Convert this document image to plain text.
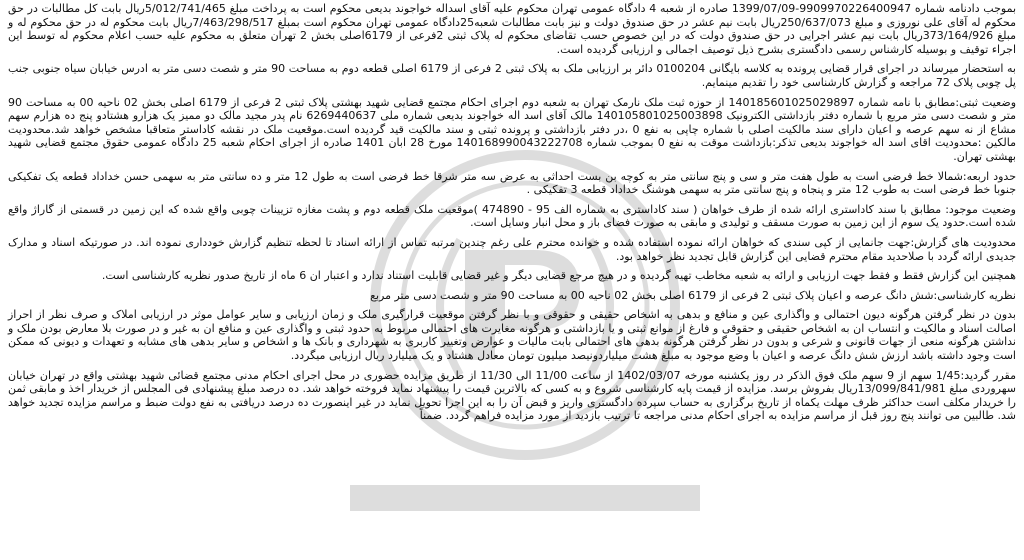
بموجب دادنامه شماره 9909970226400947-1399/07/09 صادره از شعبه 4 دادگاه عمومی تهران محکوم علیه آقای اسداله خواجوند بدیعی محکوم است به پرداخت مبلغ 5/012/741/465ریال بابت کل مطالبات در حق محکوم له آقای علی نوروزی و مبلغ 250/637/073ریال بابت نیم عشر در حق صندوق دولت و نیز بابت مطالبات شعبه25دادگاه عمومی تهران محکوم است بمبلغ 7/463/298/517ریال بابت محکوم له در حق محکوم له و مبلغ 373/164/926ریال بابت نیم عشر اجرایی در حق صندوق دولت که در این خصوص حسب تقاضای محکوم له پلاک ثبتی 2فرعی از 6179اصلی بخش 2 تهران متعلق به محکوم علیه حسب اعلام محکوم له توسط این اجراء توقیف و بوسیله کارشناس رسمی دادگستری بشرح ذیل توصیف اجمالی و ارزیابی گردیده است.

به استحضار میرساند در اجرای قرار قضایی پرونده به کلاسه بایگانی 0100204 دائر بر ارزیابی ملک به پلاک ثبتی 2 فرعی از 6179 اصلی قطعه دوم به مساحت 90 متر و شصت دسی متر به ادرس خیابان سیاه جنوبی جنب پل چوبی پلاک 72 مراجعه و گزارش کارشناسی خود را تقدیم مینمایم.

وضعیت ثبتی:مطابق با نامه شماره 140185601025029897 از حوزه ثبت ملک نارمک تهران به شعبه دوم اجرای احکام مجتمع قضایی شهید بهشتی پلاک ثبتی 2 فرعی از 6179 اصلی بخش 02 ناحیه 00 به مساحت 90 متر و شصت دسی متر مربع با شماره دفتر بازداشتی الکترونیک 140105801025003898 مالک آقای اسد اله خواجوند بدیعی شماره ملی 6269440637 نام پدر مجید مالک دو ممیز یک هزارو هشتادو پنج ده هزارم سهم مشاع از نه سهم عرصه و اعیان دارای سند مالکیت اصلی با شماره چاپی به نفع 0 ،در دفتر بازداشتی و پرونده ثبتی و سند مالکیت قید گردیده است.موقعیت ملک در نقشه کاداستر متعاقبا مشخص خواهد شد.محدودیت مالکین :محدودیت اقای اسد اله خواجوند بدیعی تذکر:بازداشت موقت به نفع 0 بموجب شماره 140168990043222708 مورخ 28 ابان 1401 صادره از اجرای احکام شعبه 25 دادگاه عمومی حقوق مجتمع قضایی شهید بهشتی تهران.

حدود اربعه:شمالا خط فرضی است به طول هفت متر و سی و پنج سانتی متر به کوچه بن بست احداثی به عرض سه متر شرقا خط فرضی است به طول 12 متر و ده سانتی متر به سهمی حسن خداداد قطعه یک تفکیکی جنوبا خط فرضی است به طوب 12 متر و پنجاه و پنج سانتی متر به سهمی هوشنگ خداداد قطعه 3 تفکیکی .

وضعیت موجود: مطابق با سند کاداستری ارائه شده از طرف خواهان ( سند کاداستری به شماره الف 95 - 474890 )موقعیت ملک قطعه دوم و پشت مغازه تزیینات چوبی واقع شده که این زمین در قسمتی از گاراژ واقع شده است.حدود یک سوم از این زمین به صورت مسقف و تولیدی و مابقی به صورت فضای باز و محل انبار وسایل است.

محدودیت های گزارش:جهت جانمایی از کپی سندی که خواهان ارائه نموده استفاده شده و خوانده محترم علی رغم چندین مرتبه تماس از ارائه اسناد تا لحظه تنظیم گزارش خودداری نموده اند. در صورتیکه اسناد و مدارک جدیدی ارائه گردد با صلاحدید مقام محترم قضایی این گزارش قابل تجدید نظر خواهد بود.

همچنین این گزارش فقط و فقط جهت ارزیابی و ارائه به شعبه مخاطب تهیه گردیده و در هیچ مرجع قضایی دیگر و غیر قضایی قابلیت استناد ندارد و اعتبار ان 6 ماه از تاریخ صدور نظریه کارشناسی است.

نظریه کارشناسی:شش دانگ عرصه و اعیان پلاک ثبتی 2 فرعی از 6179 اصلی بخش 02 ناحیه 00 به مساحت 90 متر و شصت دسی متر مربع

بدون در نظر گرفتن هرگونه دیون احتمالی و واگذاری عین و منافع و بدهی به اشخاص حقیقی و حقوقی و با نظر گرفتن موقعیت قرارگیری ملک و زمان ارزیابی و سایر عوامل موثر در ارزیابی املاک و صرف نظر از احراز اصالت اسناد و مالکیت و انتساب ان به اشخاص حقیقی و حقوقی و فارغ از موانع ثبتی و یا بازداشتی و هرگونه مغایرت های احتمالی مربوط به حدود ثبتی و واگذاری عین و منافع ان به غیر و در صورت بلا معارض بودن ملک و نداشتن هرگونه منعی از جهات قانونی و شرعی و بدون در نظر گرفتن هرگونه بدهی های احتمالی بابت مالیات و عوارض وتغییر کاربری به شهرداری و بانک ها و اشخاص و سایر بدهی های مشابه و تعهدات و دیونی که ممکن است وجود داشته باشد ارزش شش دانگ عرصه و اعیان با وضع موجود به مبلغ هشت میلیاردونیصد میلیون تومان معادل هشتاد و یک میلیارد ریال ارزیابی میگردد.

مقرر گردید:1/45 سهم از 9 سهم ملک فوق الذکر در روز یکشنبه مورخه 1402/03/07 از ساعت 11/00 الی 11/30 از طریق مزایده حضوری در محل اجرای احکام مدنی مجتمع قضائی شهید بهشتی واقع در تهران خیابان سهروردی مبلغ 13/099/841/981ریال بفروش برسد. مزایده از قیمت پایه کارشناسی شروع و به کسی که بالاترین قیمت را پیشنهاد نماید فروخته خواهد شد. ده درصد مبلغ پیشنهادی فی المجلس از خریدار اخذ و مابقی ثمن را خریدار مکلف است حداکثر ظرف مهلت یکماه از تاریخ برگزاری به حساب سپرده دادگستری واریز و قبض آن را به این اجرا تحویل نماید در غیر اینصورت ده درصد دریافتی به نفع دولت ضبط و مراسم مزایده تجدید خواهد شد. طالبین می توانند پنج روز قبل از مراسم مزایده به اجرای احکام مدنی مراجعه تا ترتیب بازدید از مورد مزایده فراهم گردد. ضمناً
